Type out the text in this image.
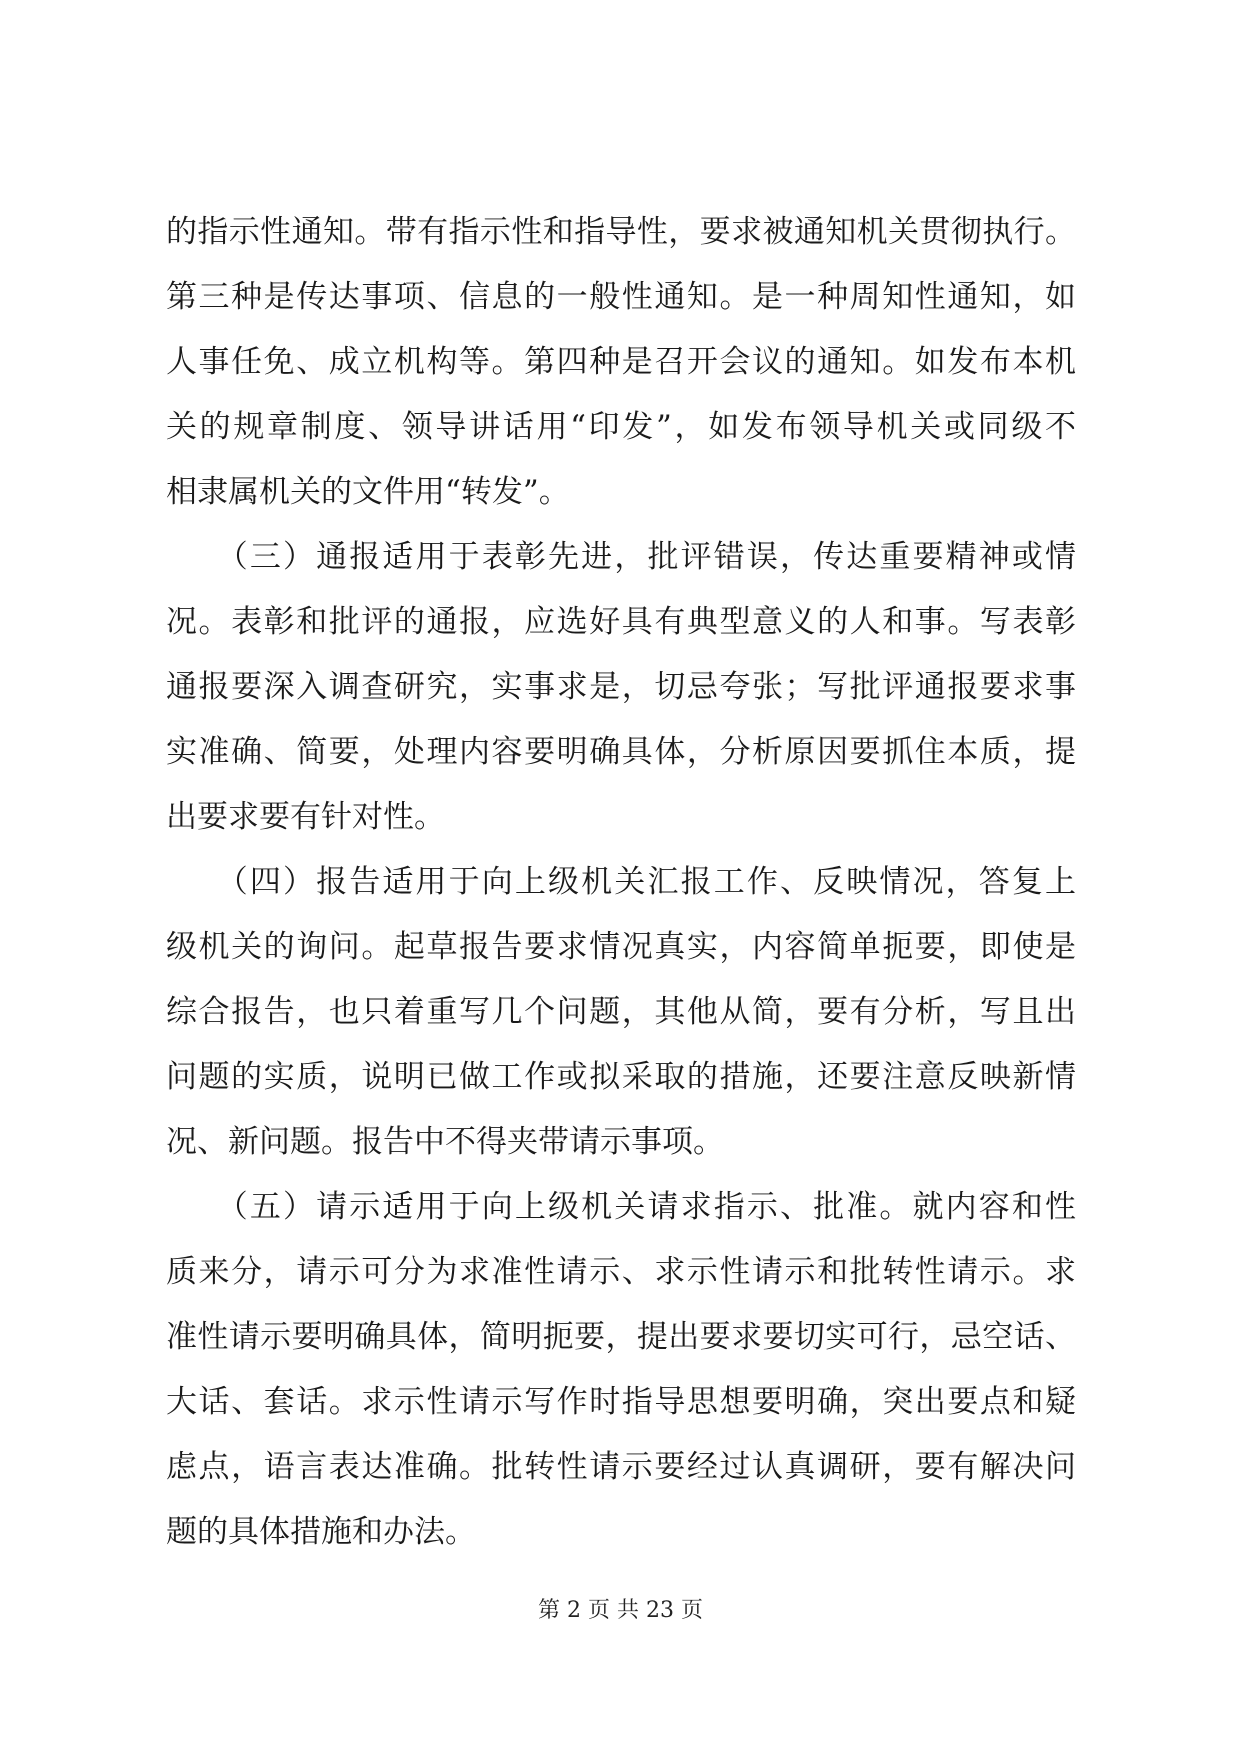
的指示性通知。带有指示性和指导性，要求被通知机关贯彻执行。
第三种是传达事项、信息的一般性通知。是一种周知性通知，如
人事任免、成立机构等。第四种是召开会议的通知。如发布本机
关的规章制度、领导讲话用“印发”，如发布领导机关或同级不
相隶属机关的文件用“转发”。
　　（三）通报适用于表彰先进，批评错误，传达重要精神或情
况。表彰和批评的通报，应选好具有典型意义的人和事。写表彰
通报要深入调查研究，实事求是，切忌夸张；写批评通报要求事
实准确、简要，处理内容要明确具体，分析原因要抓住本质，提
出要求要有针对性。
　　（四）报告适用于向上级机关汇报工作、反映情况，答复上
级机关的询问。起草报告要求情况真实，内容简单扼要，即使是
综合报告，也只着重写几个问题，其他从简，要有分析，写且出
问题的实质，说明已做工作或拟采取的措施，还要注意反映新情
况、新问题。报告中不得夹带请示事项。
　　（五）请示适用于向上级机关请求指示、批准。就内容和性
质来分，请示可分为求准性请示、求示性请示和批转性请示。求
准性请示要明确具体，简明扼要，提出要求要切实可行，忌空话、
大话、套话。求示性请示写作时指导思想要明确，突出要点和疑
虑点，语言表达准确。批转性请示要经过认真调研，要有解决问
题的具体措施和办法。
第 2 页 共 23 页
